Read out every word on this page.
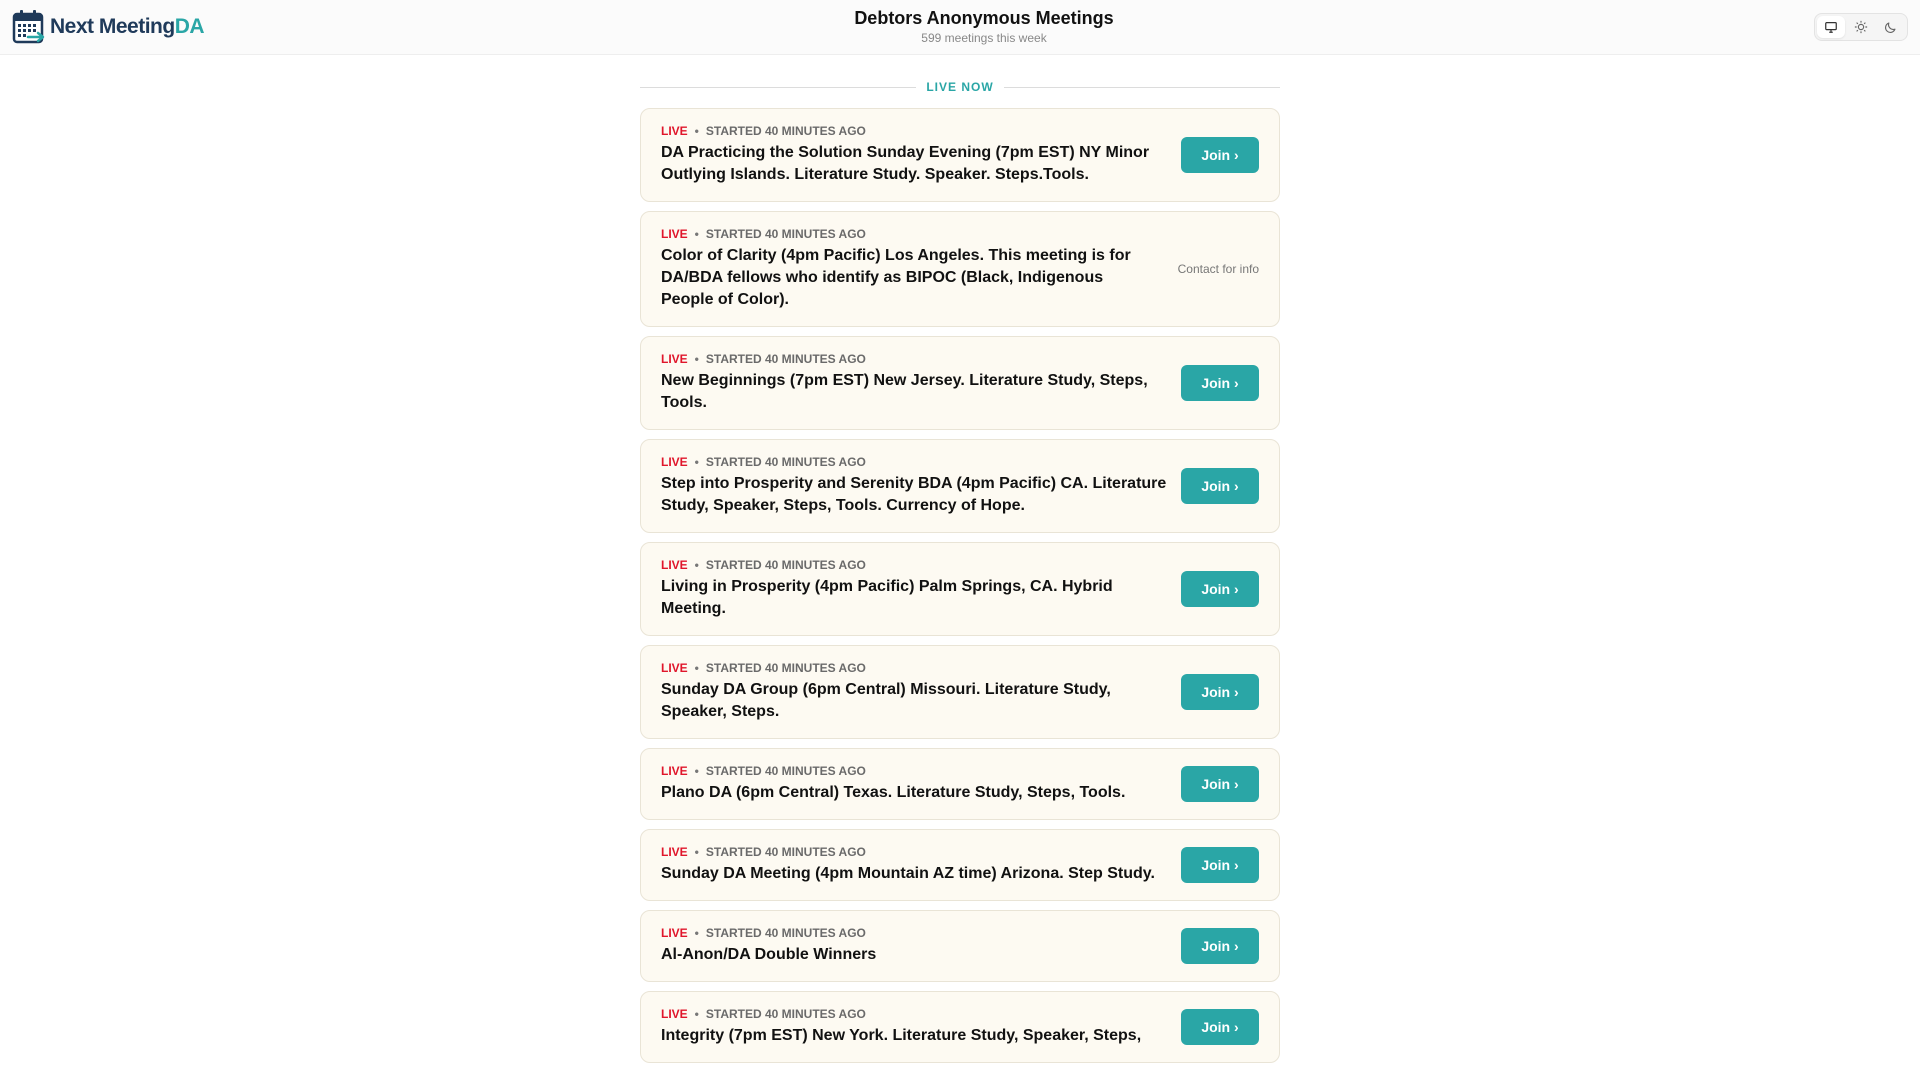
Next MeetingDA	Debtors Anonymous Meetings
599 meetings this week
LIVE NOW
LIVE • STARTED 40 MINUTES AGO
DA Practicing the Solution Sunday Evening (7pm EST) NY Minor Outlying Islands. Literature Study. Speaker. Steps.Tools.
Join ›
LIVE • STARTED 40 MINUTES AGO
Color of Clarity (4pm Pacific) Los Angeles. This meeting is for DA/BDA fellows who identify as BIPOC (Black, Indigenous People of Color).
Contact for info
LIVE • STARTED 40 MINUTES AGO
New Beginnings (7pm EST) New Jersey. Literature Study, Steps, Tools.
Join ›
LIVE • STARTED 40 MINUTES AGO
Step into Prosperity and Serenity BDA (4pm Pacific) CA. Literature Study, Speaker, Steps, Tools. Currency of Hope.
Join ›
LIVE • STARTED 40 MINUTES AGO
Living in Prosperity (4pm Pacific) Palm Springs, CA. Hybrid Meeting.
Join ›
LIVE • STARTED 40 MINUTES AGO
Sunday DA Group (6pm Central) Missouri. Literature Study, Speaker, Steps.
Join ›
LIVE • STARTED 40 MINUTES AGO
Plano DA (6pm Central) Texas. Literature Study, Steps, Tools.	Join ›
LIVE • STARTED 40 MINUTES AGO
Sunday DA Meeting (4pm Mountain AZ time) Arizona. Step Study.	Join ›
LIVE • STARTED 40 MINUTES AGO
Al-Anon/DA Double Winners	Join ›
LIVE • STARTED 40 MINUTES AGO
Integrity (7pm EST) New York. Literature Study, Speaker, Steps,	Join ›
